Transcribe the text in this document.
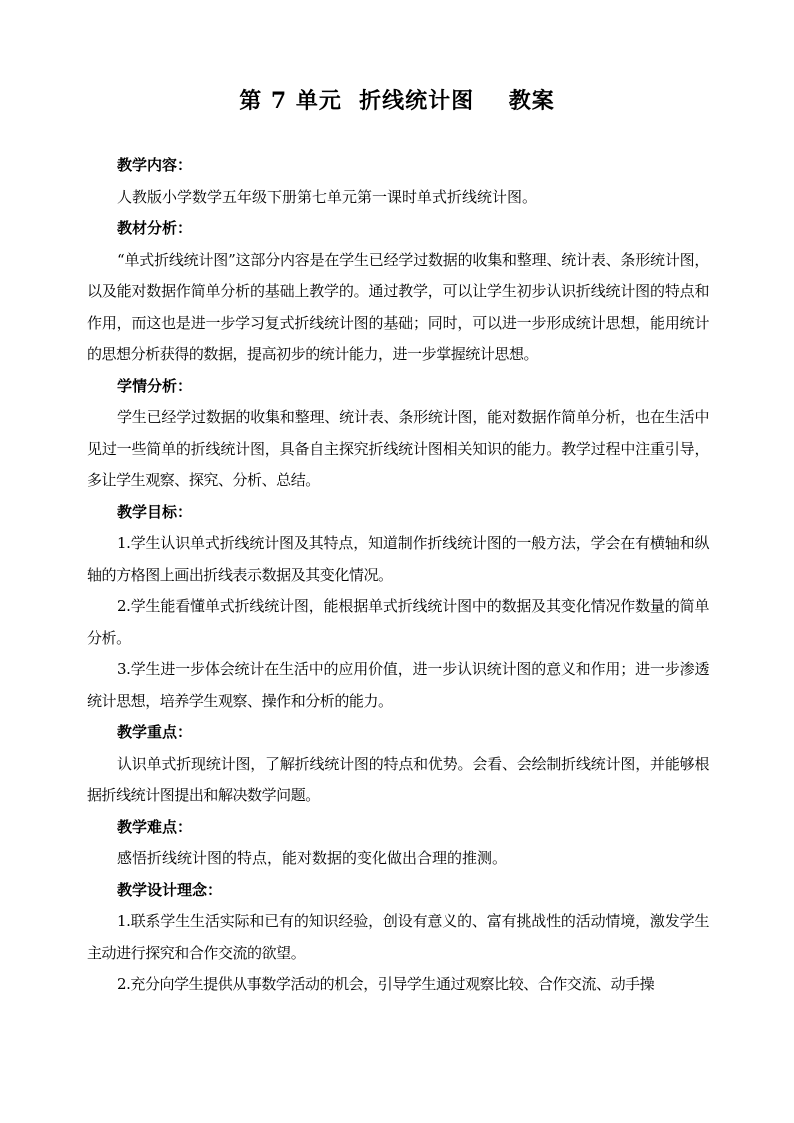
第 7 单元  折线统计图    教案

教学内容：

人教版小学数学五年级下册第七单元第一课时单式折线统计图。

教材分析：

“单式折线统计图”这部分内容是在学生已经学过数据的收集和整理、统计表、条形统计图，以及能对数据作简单分析的基础上教学的。通过教学，可以让学生初步认识折线统计图的特点和作用，而这也是进一步学习复式折线统计图的基础；同时，可以进一步形成统计思想，能用统计的思想分析获得的数据，提高初步的统计能力，进一步掌握统计思想。

学情分析：

学生已经学过数据的收集和整理、统计表、条形统计图，能对数据作简单分析，也在生活中见过一些简单的折线统计图，具备自主探究折线统计图相关知识的能力。教学过程中注重引导，多让学生观察、探究、分析、总结。

教学目标：

1.学生认识单式折线统计图及其特点，知道制作折线统计图的一般方法，学会在有横轴和纵轴的方格图上画出折线表示数据及其变化情况。

2.学生能看懂单式折线统计图，能根据单式折线统计图中的数据及其变化情况作数量的简单分析。

3.学生进一步体会统计在生活中的应用价值，进一步认识统计图的意义和作用；进一步渗透统计思想，培养学生观察、操作和分析的能力。

教学重点：

认识单式折现统计图，了解折线统计图的特点和优势。会看、会绘制折线统计图，并能够根据折线统计图提出和解决数学问题。

教学难点：

感悟折线统计图的特点，能对数据的变化做出合理的推测。

教学设计理念：

1.联系学生生活实际和已有的知识经验，创设有意义的、富有挑战性的活动情境，激发学生主动进行探究和合作交流的欲望。

2.充分向学生提供从事数学活动的机会，引导学生通过观察比较、合作交流、动手操
